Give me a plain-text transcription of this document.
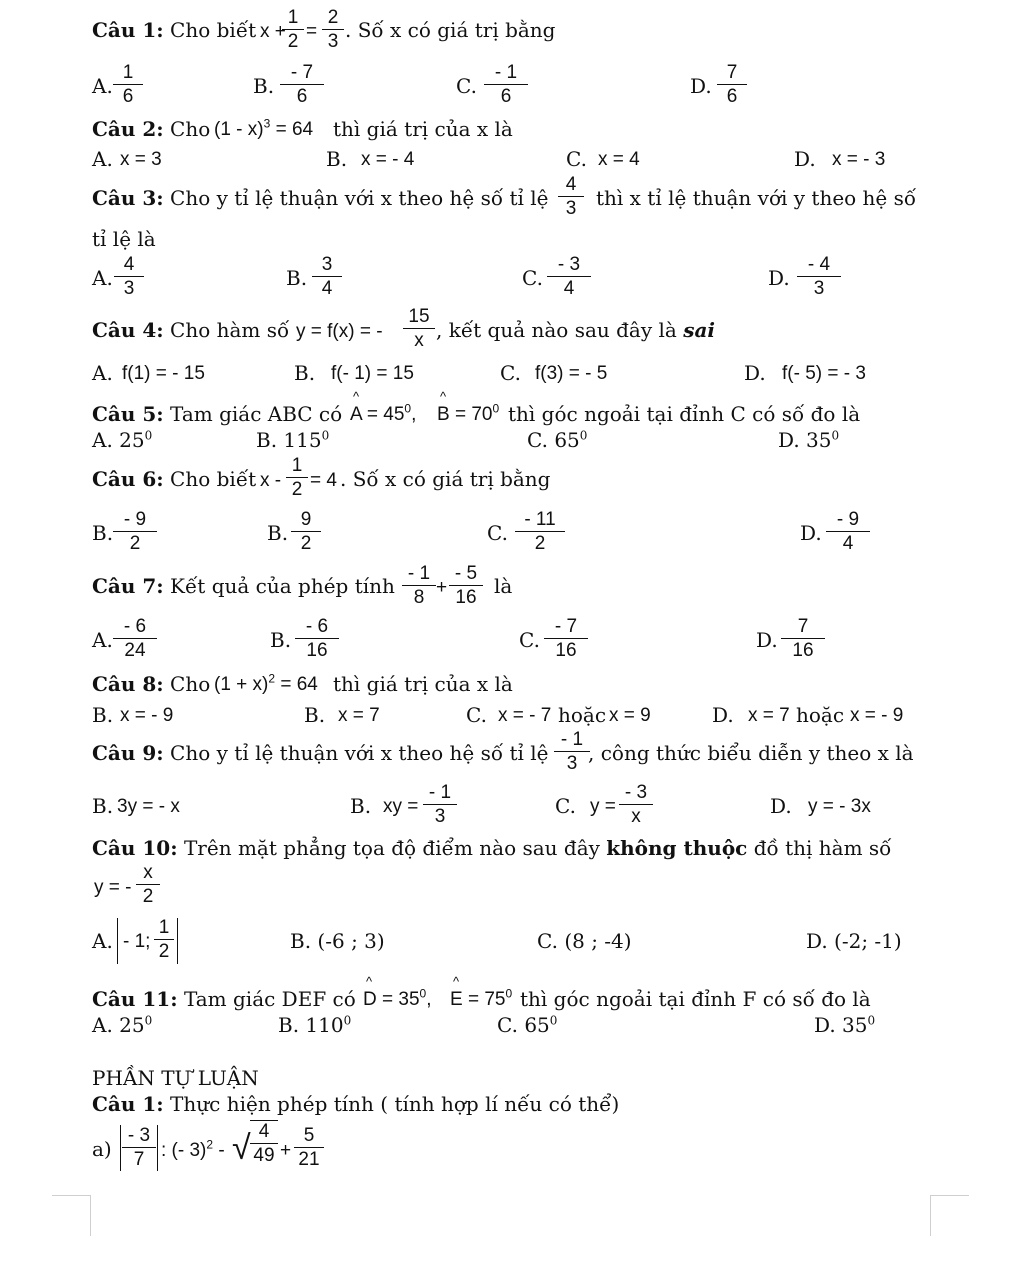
Câu 1: Cho biết x +
1
2 =
2
3 . Số x có giá trị bằng
A.
1
6	B.
- 7
6	C.
- 1
6	D.
7
6
Câu 2: Cho (1 - x)$^3$ = 64 thì giá trị của x là
A. x = 3	B. x = - 4	C. x = 4	D. x = - 3
Câu 3: Cho y tỉ lệ thuận với x theo hệ số tỉ lệ
4
3 thì x tỉ lệ thuận với y theo hệ số
tỉ lệ là
A.
4
3	B.
3
4	C.
- 3
4	D.
- 4
3
Câu 4: Cho hàm số y = f(x) = -
15
x , kết quả nào sau đây là sai
A. f(1) = - 15	B. f(- 1) = 15	C. f(3) = - 5	D. f(- 5) = - 3
Câu 5: Tam giác ABC có
^
$A = 45^0$,
^
$B = 70^0$ thì góc ngoải tại đỉnh C có số đo là
A. $25^0$	B. $115^0$	C. $65^0$	D. $35^0$
Câu 6: Cho biết x -
1
2 = 4 . Số x có giá trị bằng
B.
- 9
2	B.
9
2	C.
- 11
2	D.
- 9
4
Câu 7: Kết quả của phép tính
- 1
8 +
- 5
16 là
A.
- 6
24	B.
- 6
16	C.
- 7
16	D.
7
16
Câu 8: Cho $(1 + x)^2 = 64$ thì giá trị của x là
B. x = - 9	B. x = 7	C. x = - 7 hoặc x = 9	D. x = 7 hoặc x = - 9
Câu 9: Cho y tỉ lệ thuận với x theo hệ số tỉ lệ
- 1
3 , công thức biểu diễn y theo x là
B. 3y = - x	B. xy =
- 1
3	C. y =
- 3
x	D. y = - 3x
Câu 10: Trên mặt phẳng tọa độ điểm nào sau đây không thuộc đồ thị hàm số
y = -
x
2
A. - 1;
1
2	B. (-6 ; 3)	C. (8 ; -4)	D. (-2; -1)
Câu 11: Tam giác DEF có
^
$D = 35^0$,
^
$E = 75^0$ thì góc ngoải tại đỉnh F có số đo là
A. $25^0$	B. $110^0$	C. $65^0$	D. $35^0$
PHẦN TỰ LUẬN
Câu 1: Thực hiện phép tính ( tính hợp lí nếu có thể)
a)
- 3
7 : (- 3)$^2$ - √ 4
49 +
5
21
